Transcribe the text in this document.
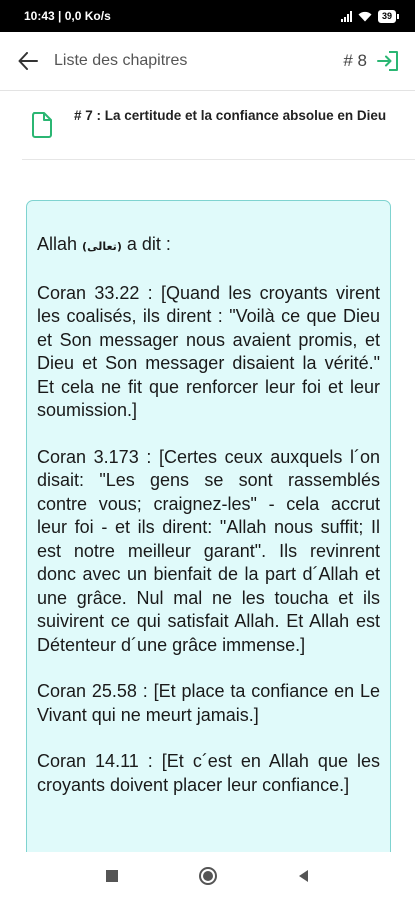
10:43 | 0,0 Ko/s	39
Liste des chapitres	# 8
# 7 : La certitude et la confiance absolue en Dieu

Allah (تعالى) a dit :

Coran 33.22 : [Quand les croyants virent les coalisés, ils dirent : "Voilà ce que Dieu et Son messager nous avaient promis, et Dieu et Son messager disaient la vérité." Et cela ne fit que renforcer leur foi et leur soumission.]

Coran 3.173 : [Certes ceux auxquels l´on disait: "Les gens se sont rassemblés contre vous; craignez-les" - cela accrut leur foi - et ils dirent: "Allah nous suffit; Il est notre meilleur garant". Ils revinrent donc avec un bienfait de la part d´Allah et une grâce. Nul mal ne les toucha et ils suivirent ce qui satisfait Allah. Et Allah est Détenteur d´une grâce immense.]

Coran 25.58 : [Et place ta confiance en Le Vivant qui ne meurt jamais.]

Coran 14.11 : [Et c´est en Allah que les croyants doivent placer leur confiance.]
